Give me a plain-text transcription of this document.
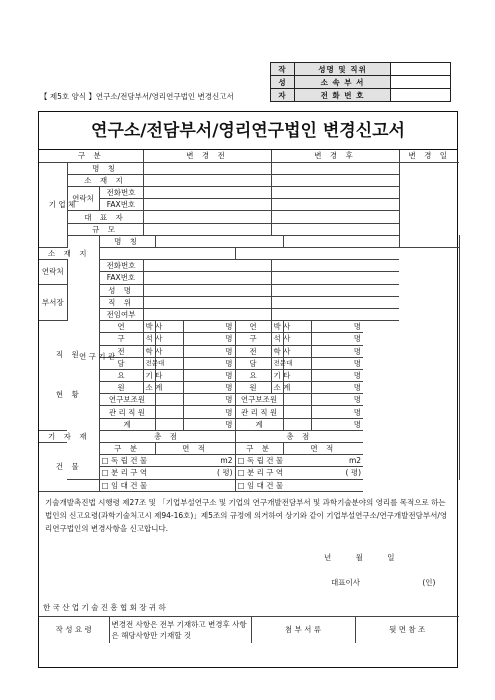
작	성명 및 직위	
성	소 속 부 서	
자	전 화 번 호	
【 제5호 양식 】연구소/전담부서/영리연구법인 변경신고서
연구소/전담부서/영리연구법인 변경신고서
구 분			변 경 전				변 경 후			변 경 일	

기 업 체	명 칭										
	소 재 지										
	연락처	전화번호									
		FAX번호									
	대 표 자										
	규 모										

	연 구 기 관	명 칭									
소 재 지											
연락처		전화번호									
		FAX번호									
부서장		성 명									
		직 위									
		전임여부									

직 원
현 황		연	박 사		명	연	박 사		명		
		구	석 사		명	구	석 사		명		
		전	학 사		명	전	학 사		명		
		담	전문대		명	담	전문대		명		
		요	기 타		명	요	기 타		명		
		원	소 계		명	원	소 계		명		
		연구보조원			명	연구보조원			명		
		관 리 직 원			명	관 리 직 원			명		
		계			명	계			명		
기 자 재		총 점				총 점					
건 물		구 분		면 적		구 분		면 적			
		□ 독 립 건 물		m2		□ 독 립 건 물		m2			
		□ 분 리 구 역		( 평)		□ 분 리 구 역		( 평)			
		□ 임 대 건 물				□ 임 대 건 물					

기술개발촉진법 시행령 제27조 및 「기업부설연구소 및 기업의 연구개발전담부서 및 과학기술분야의 영리를 목적으로 하는 법인의 신고요령(과학기술처고시 제94-16호)」제5조의 규정에 의거하여 상기와 같이 기업부설연구소/연구개발전담부서/영리연구법인의 변경사항을 신고합니다.

년	월	일
대표이사	(인)
한 국 산 업 기 술 진 흥 협 회 장 귀 하
작 성 요 령	변경전 사항은 전부 기재하고 변경후 사항은 해당사항만 기재할 것	첨 부 서 류	뒷 면 참 조
